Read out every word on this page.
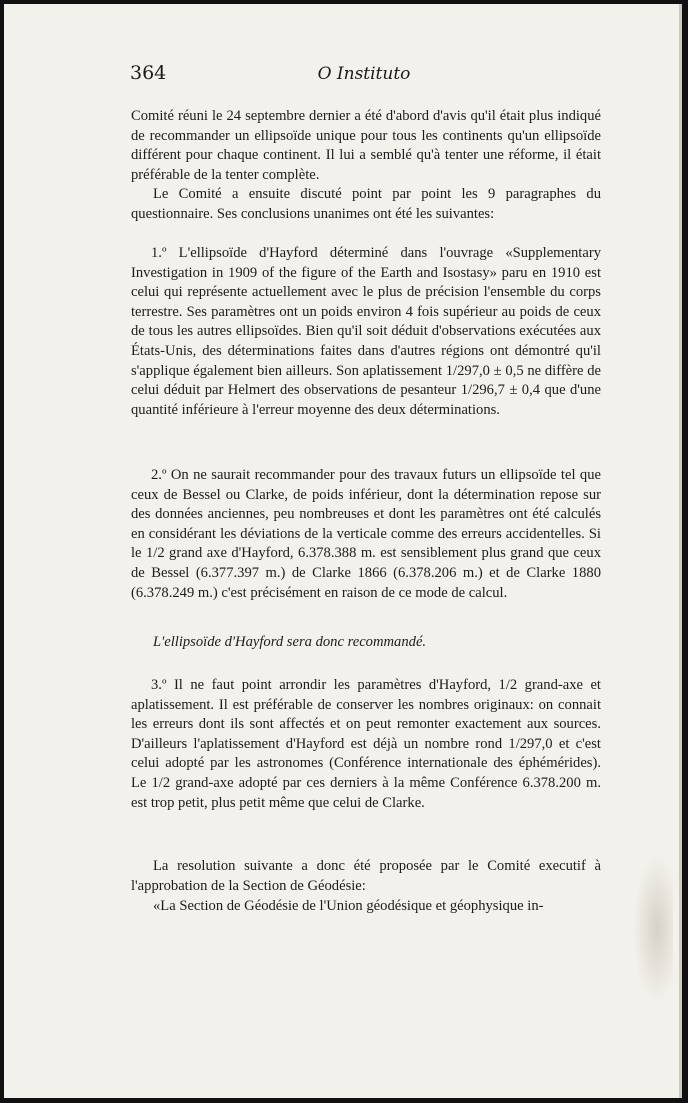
364	O Instituto

Comité réuni le 24 septembre dernier a été d'abord d'avis qu'il était plus indiqué de recommander un ellipsoïde unique pour tous les continents qu'un ellipsoïde différent pour chaque continent. Il lui a semblé qu'à tenter une réforme, il était préférable de la tenter complète.

Le Comité a ensuite discuté point par point les 9 paragraphes du questionnaire. Ses conclusions unanimes ont été les suivantes:

1.º L'ellipsoïde d'Hayford déterminé dans l'ouvrage «Supplementary Investigation in 1909 of the figure of the Earth and Isostasy» paru en 1910 est celui qui représente actuellement avec le plus de précision l'ensemble du corps terrestre. Ses paramètres ont un poids environ 4 fois supérieur au poids de ceux de tous les autres ellipsoïdes. Bien qu'il soit déduit d'observations exécutées aux États-Unis, des déterminations faites dans d'autres régions ont démontré qu'il s'applique également bien ailleurs. Son aplatissement 1/297,0 ± 0,5 ne diffère de celui déduit par Helmert des observations de pesanteur 1/296,7 ± 0,4 que d'une quantité inférieure à l'erreur moyenne des deux déterminations.

2.º On ne saurait recommander pour des travaux futurs un ellipsoïde tel que ceux de Bessel ou Clarke, de poids inférieur, dont la détermination repose sur des données anciennes, peu nombreuses et dont les paramètres ont été calculés en considérant les déviations de la verticale comme des erreurs accidentelles. Si le 1/2 grand axe d'Hayford, 6.378.388 m. est sensiblement plus grand que ceux de Bessel (6.377.397 m.) de Clarke 1866 (6.378.206 m.) et de Clarke 1880 (6.378.249 m.) c'est précisément en raison de ce mode de calcul.

L'ellipsoïde d'Hayford sera donc recommandé.

3.º Il ne faut point arrondir les paramètres d'Hayford, 1/2 grand-axe et aplatissement. Il est préférable de conserver les nombres originaux: on connait les erreurs dont ils sont affectés et on peut remonter exactement aux sources. D'ailleurs l'aplatissement d'Hayford est déjà un nombre rond 1/297,0 et c'est celui adopté par les astronomes (Conférence internationale des éphémérides). Le 1/2 grand-axe adopté par ces derniers à la même Conférence 6.378.200 m. est trop petit, plus petit même que celui de Clarke.

La resolution suivante a donc été proposée par le Comité executif à l'approbation de la Section de Géodésie:

«La Section de Géodésie de l'Union géodésique et géophysique in-
